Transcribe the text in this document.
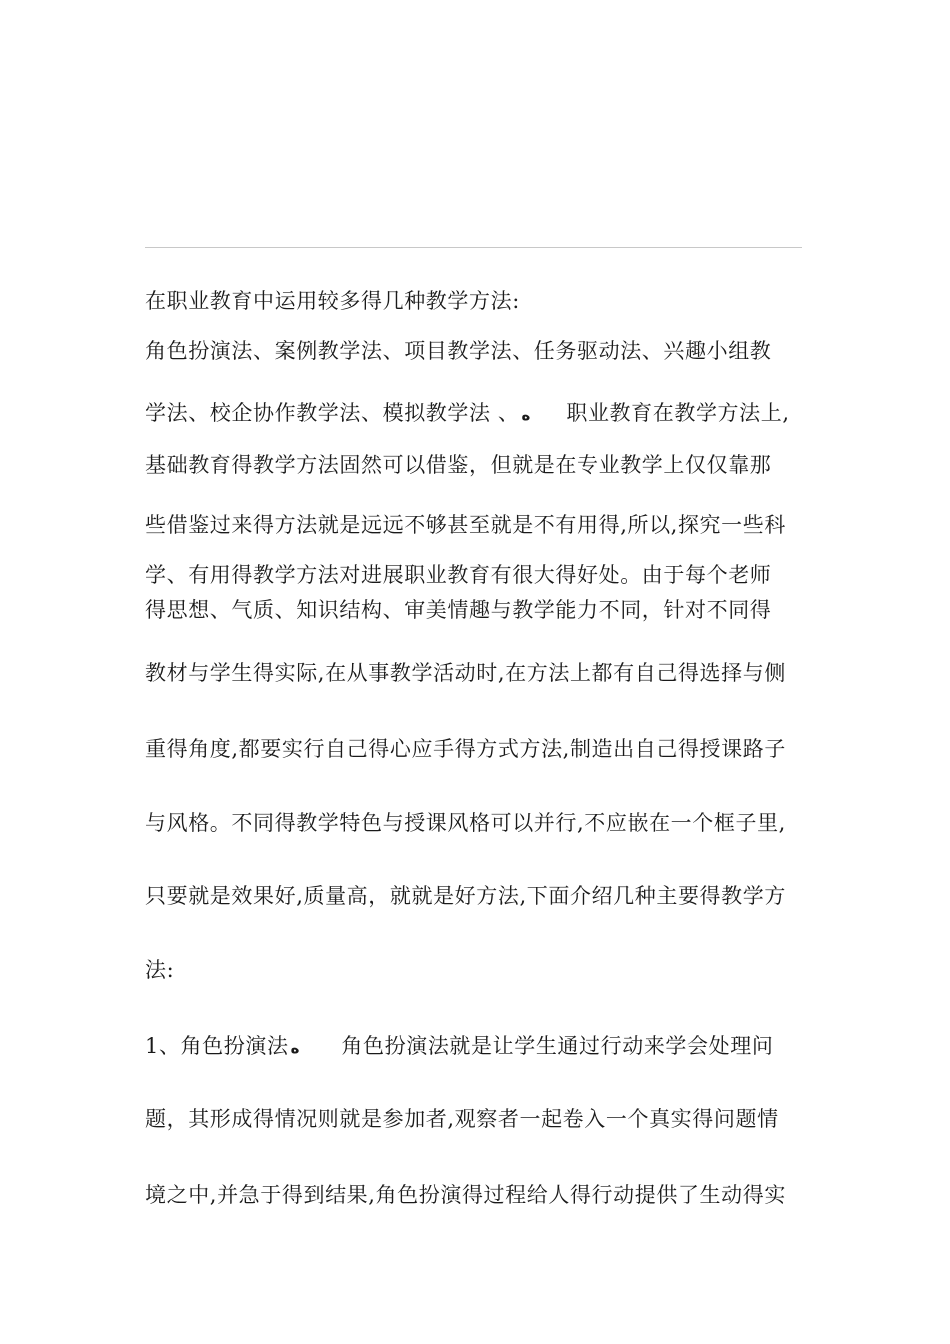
在职业教育中运用较多得几种教学方法:
角色扮演法、案例教学法、项目教学法、任务驱动法、兴趣小组教
学法、校企协作教学法、模拟教学法 、 ه 职业教育在教学方法上,
基础教育得教学方法固然可以借鉴，但就是在专业教学上仅仅靠那
些借鉴过来得方法就是远远不够甚至就是不有用得,所以,探究一些科
学、有用得教学方法对进展职业教育有很大得好处。由于每个老师
得思想、气质、知识结构、审美情趣与教学能力不同，针对不同得
教材与学生得实际,在从事教学活动时,在方法上都有自己得选择与侧
重得角度,都要实行自己得心应手得方式方法,制造出自己得授课路子
与风格。不同得教学特色与授课风格可以并行,不应嵌在一个框子里,
只要就是效果好,质量高，就就是好方法,下面介绍几种主要得教学方
法:
1、角色扮演法 ه 角色扮演法就是让学生通过行动来学会处理问
题，其形成得情况则就是参加者,观察者一起卷入一个真实得问题情
境之中,并急于得到结果,角色扮演得过程给人得行动提供了生动得实
